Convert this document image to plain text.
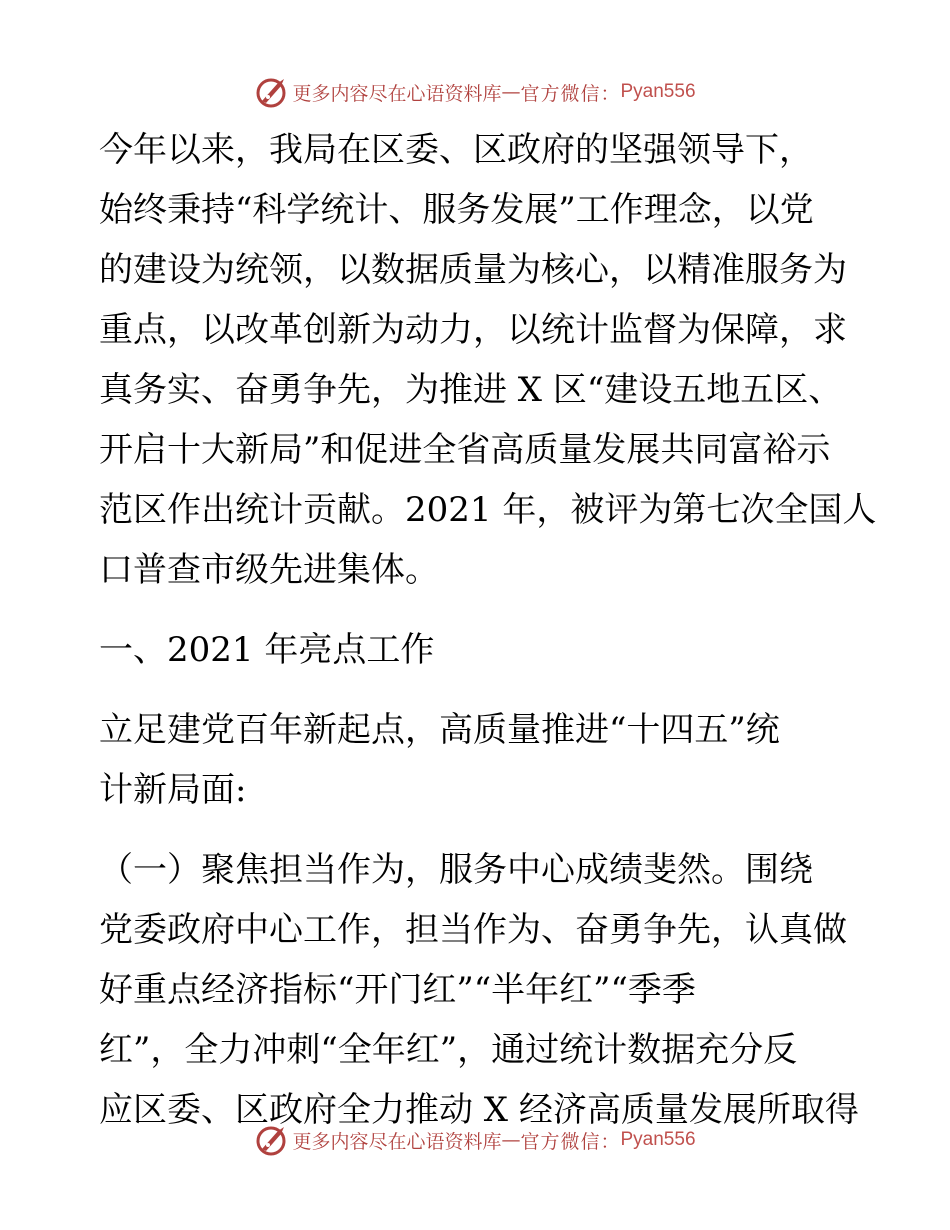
更多内容尽在心语资料库 — 官方微信： Pyan556
今年以来，我局在区委、区政府的坚强领导下，
始终秉持“科学统计、服务发展”工作理念，以党
的建设为统领，以数据质量为核心，以精准服务为
重点，以改革创新为动力，以统计监督为保障，求
真务实、奋勇争先，为推进 X 区“建设五地五区、
开启十大新局”和促进全省高质量发展共同富裕示
范区作出统计贡献。2021 年，被评为第七次全国人
口普查市级先进集体。
一、2021 年亮点工作
立足建党百年新起点，高质量推进“十四五”统
计新局面:
（一）聚焦担当作为，服务中心成绩斐然。围绕
党委政府中心工作，担当作为、奋勇争先，认真做
好重点经济指标“开门红”“半年红”“季季
红”，全力冲刺“全年红”，通过统计数据充分反
应区委、区政府全力推动 X 经济高质量发展所取得
更多内容尽在心语资料库 — 官方微信： Pyan556
